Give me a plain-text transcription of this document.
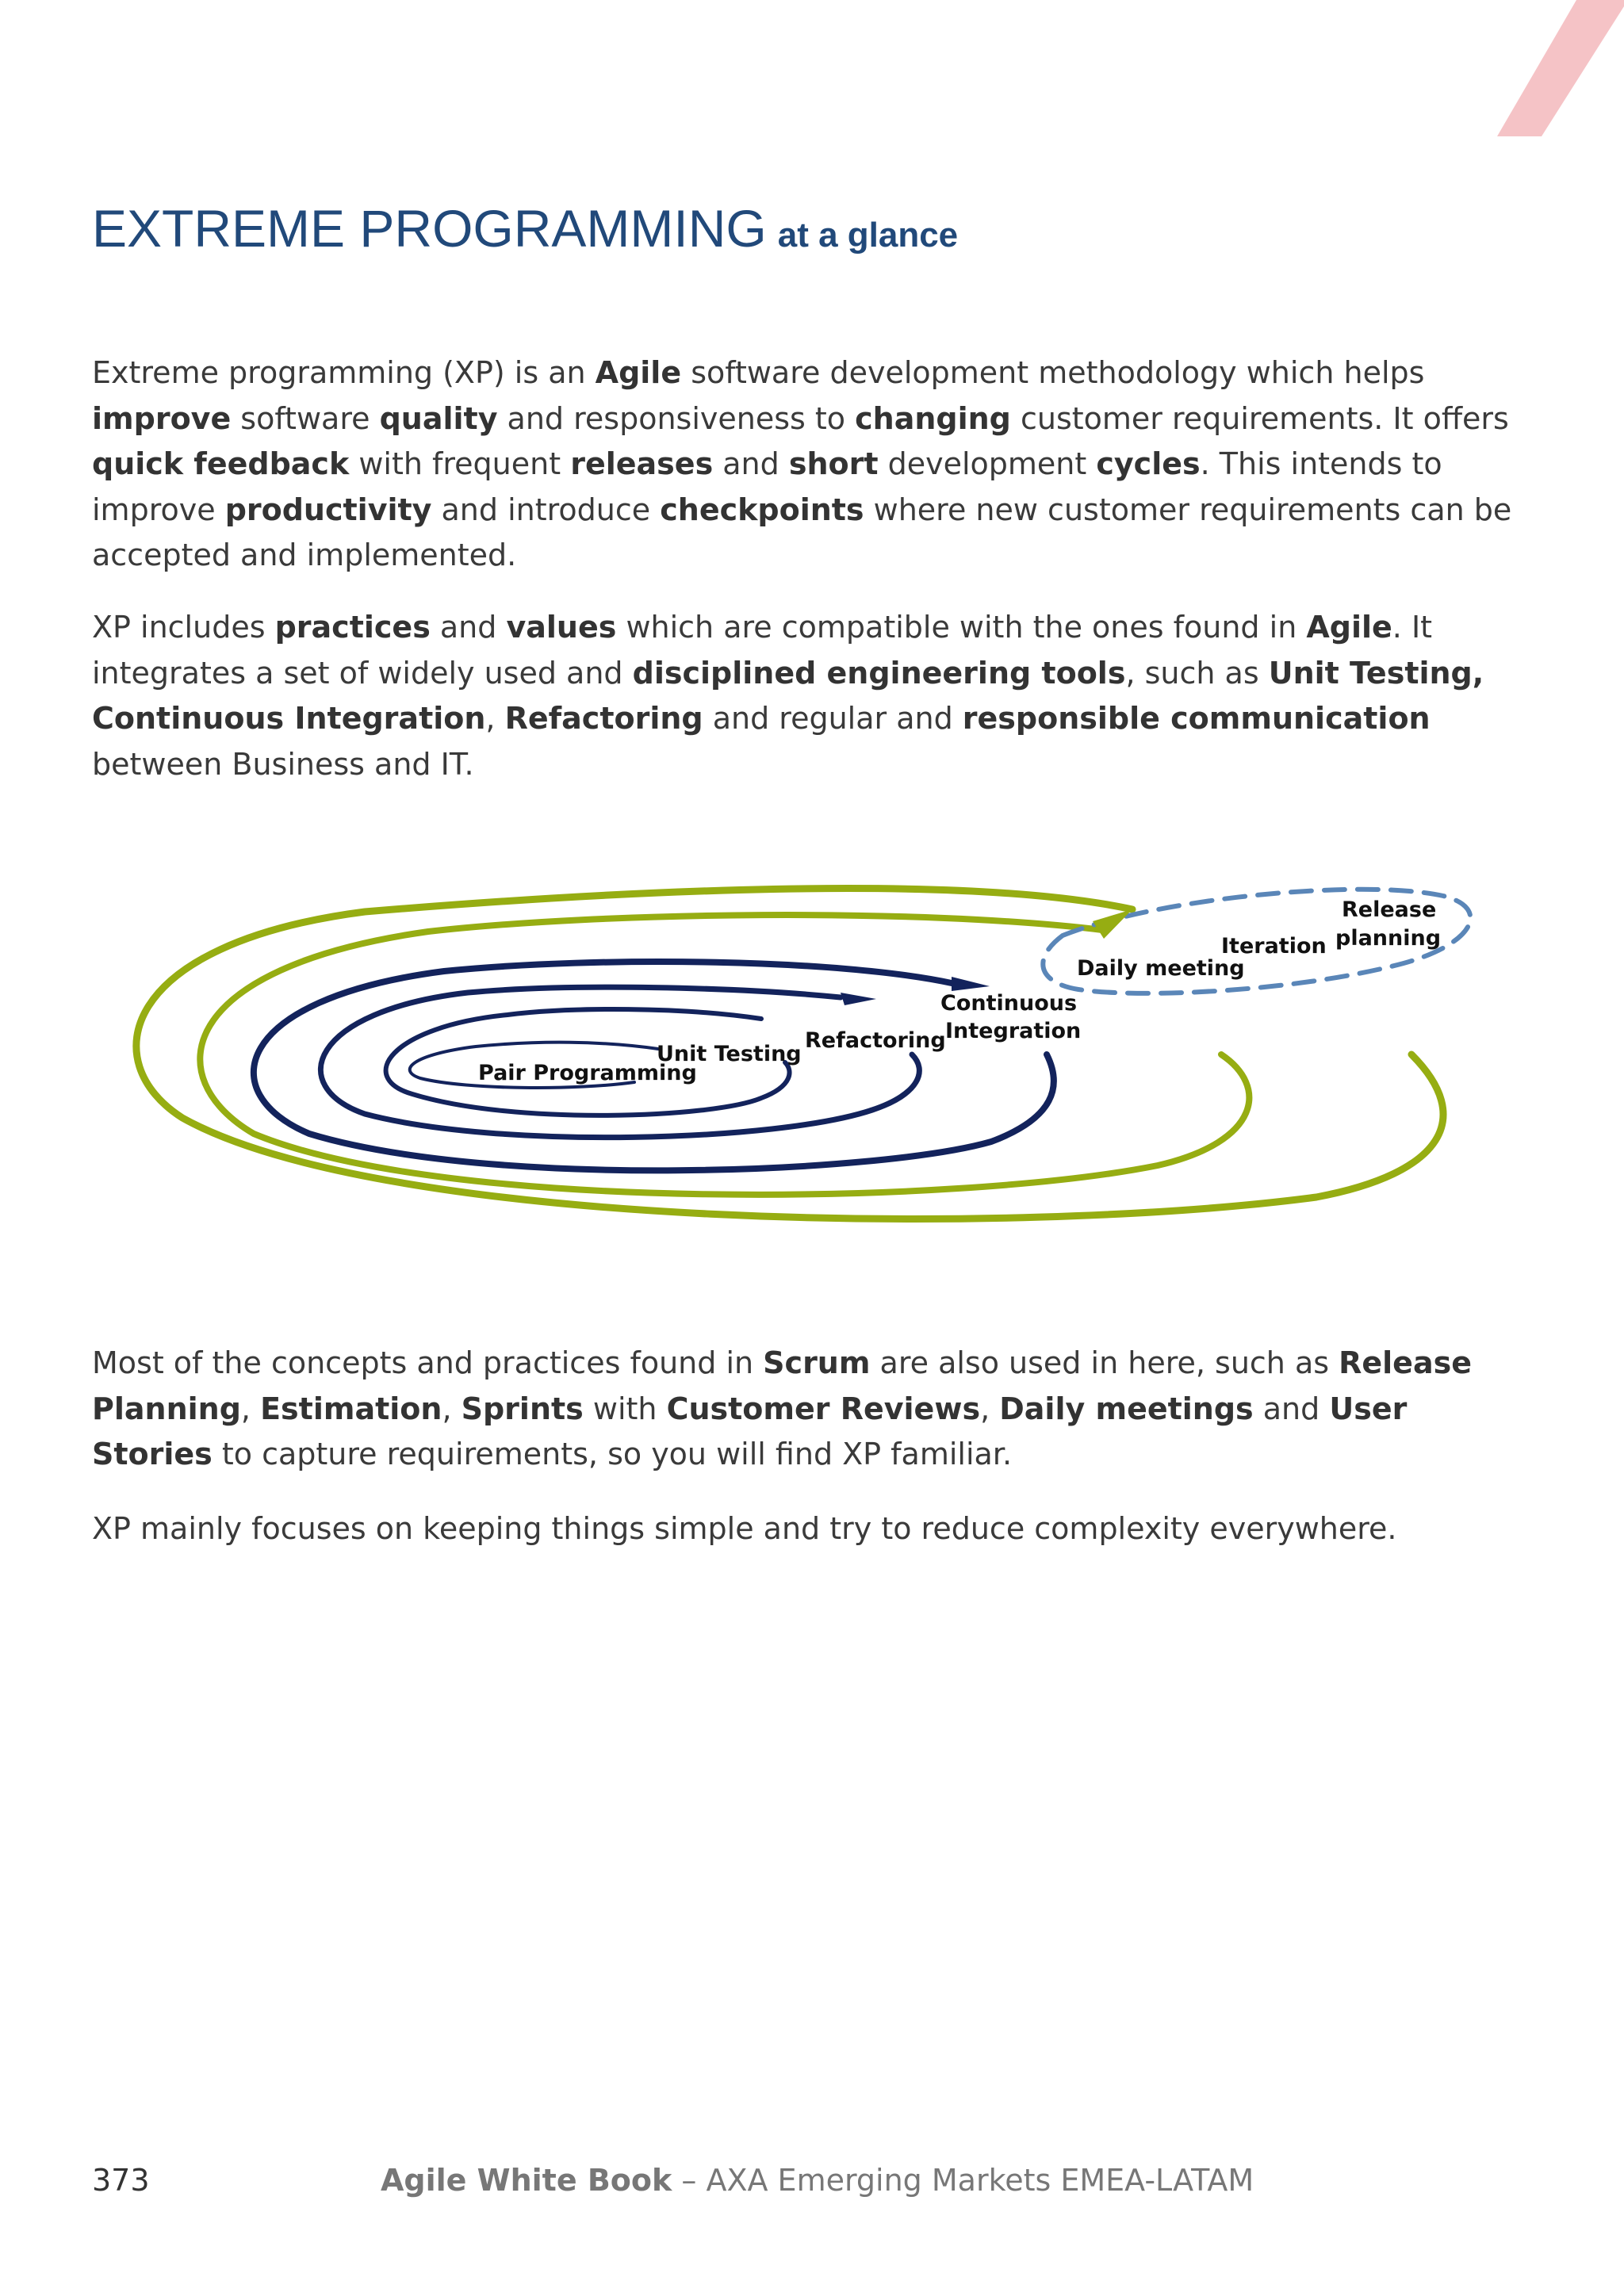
EXTREME PROGRAMMING at a glance

Extreme programming (XP) is an Agile software development methodology which helps improve software quality and responsiveness to changing customer requirements. It offers quick feedback with frequent releases and short development cycles. This intends to improve productivity and introduce checkpoints where new customer requirements can be accepted and implemented.

XP includes practices and values which are compatible with the ones found in Agile. It integrates a set of widely used and disciplined engineering tools, such as Unit Testing, Continuous Integration, Refactoring and regular and responsible communication between Business and IT.

Pair Programming
Unit Testing
Refactoring
Continuous
Integration
Daily meeting
Iteration
Release
planning

Most of the concepts and practices found in Scrum are also used in here, such as Release Planning, Estimation, Sprints with Customer Reviews, Daily meetings and User Stories to capture requirements, so you will find XP familiar.

XP mainly focuses on keeping things simple and try to reduce complexity everywhere.

373	Agile White Book – AXA Emerging Markets EMEA-LATAM
